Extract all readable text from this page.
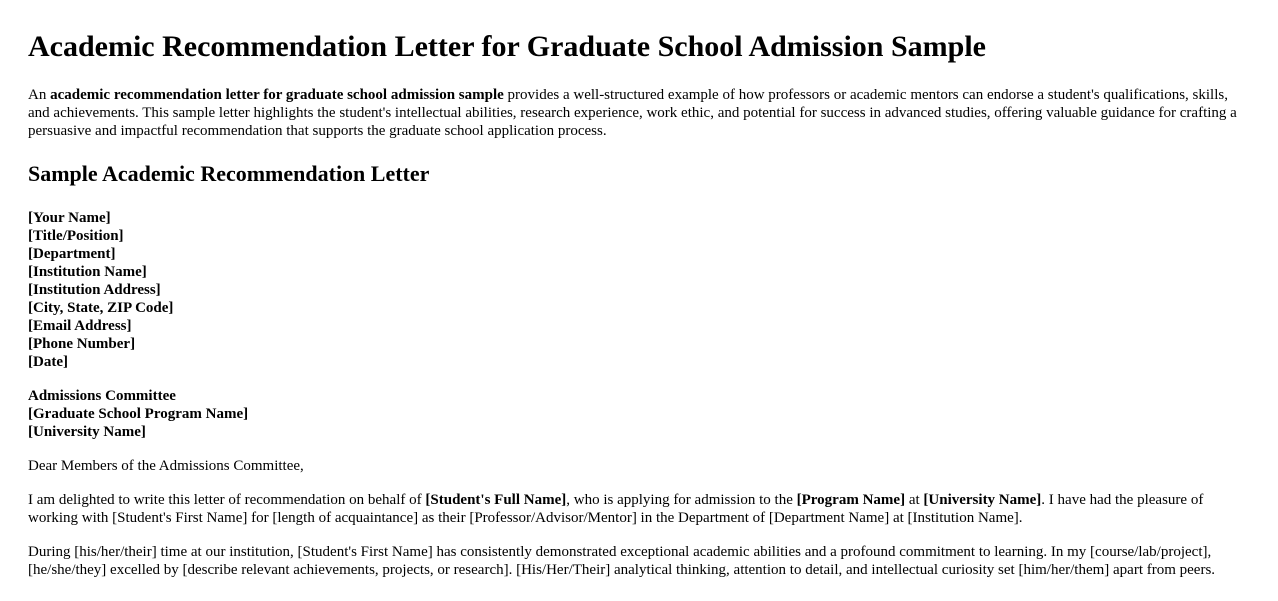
Academic Recommendation Letter for Graduate School Admission Sample

An academic recommendation letter for graduate school admission sample provides a well-structured example of how professors or academic mentors can endorse a student's qualifications, skills, and achievements. This sample letter highlights the student's intellectual abilities, research experience, work ethic, and potential for success in advanced studies, offering valuable guidance for crafting a persuasive and impactful recommendation that supports the graduate school application process.

Sample Academic Recommendation Letter
[Your Name]
[Title/Position]
[Department]
[Institution Name]
[Institution Address]
[City, State, ZIP Code]
[Email Address]
[Phone Number]
[Date]
Admissions Committee
[Graduate School Program Name]
[University Name]

Dear Members of the Admissions Committee,

I am delighted to write this letter of recommendation on behalf of [Student's Full Name], who is applying for admission to the [Program Name] at [University Name]. I have had the pleasure of working with [Student's First Name] for [length of acquaintance] as their [Professor/Advisor/Mentor] in the Department of [Department Name] at [Institution Name].

During [his/her/their] time at our institution, [Student's First Name] has consistently demonstrated exceptional academic abilities and a profound commitment to learning. In my [course/lab/project], [he/she/they] excelled by [describe relevant achievements, projects, or research]. [His/Her/Their] analytical thinking, attention to detail, and intellectual curiosity set [him/her/them] apart from peers.
